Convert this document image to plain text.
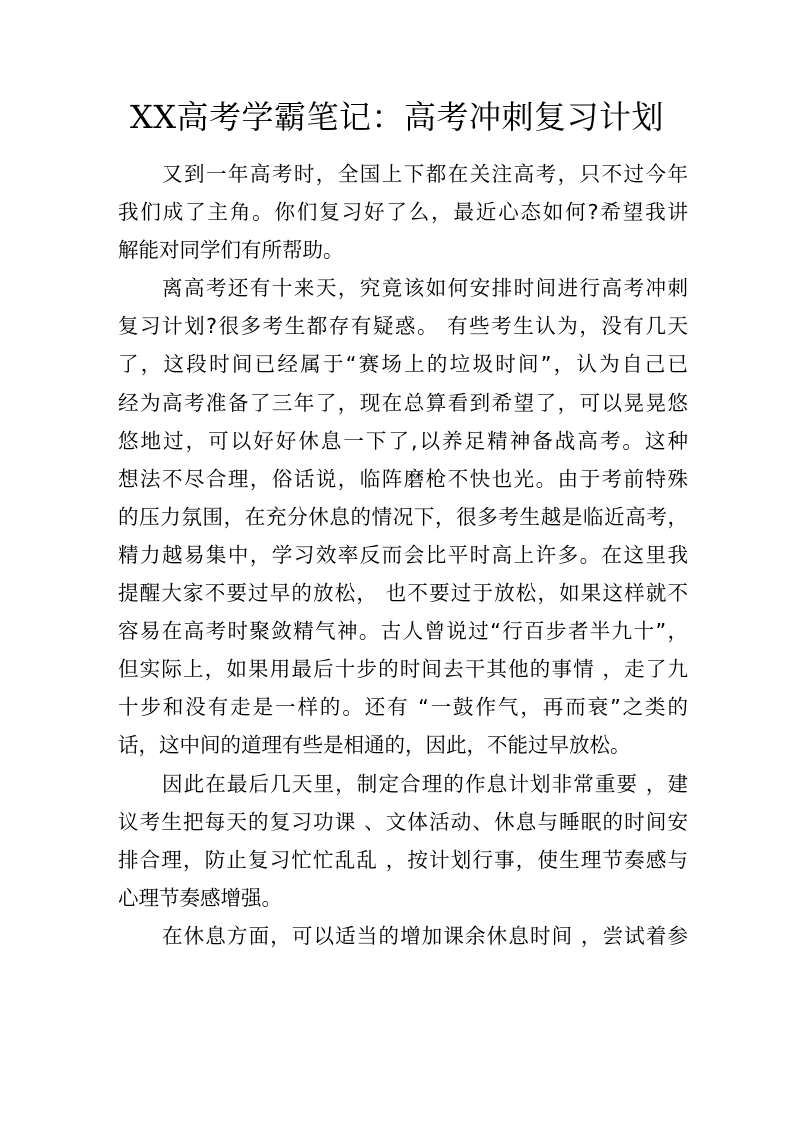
XX高考学霸笔记：高考冲刺复习计划

又到一年高考时，全国上下都在关注高考，只不过今年
我们成了主角。你们复习好了么，最近心态如何?希望我讲
解能对同学们有所帮助。

离高考还有十来天，究竟该如何安排时间进行高考冲刺
复习计划?很多考生都存有疑惑。 有些考生认为，没有几天
了，这段时间已经属于“赛场上的垃圾时间”，认为自己已
经为高考准备了三年了，现在总算看到希望了，可以晃晃悠
悠地过，可以好好休息一下了,以养足精神备战高考。这种
想法不尽合理，俗话说，临阵磨枪不快也光。由于考前特殊
的压力氛围，在充分休息的情况下，很多考生越是临近高考，
精力越易集中，学习效率反而会比平时高上许多。在这里我
提醒大家不要过早的放松， 也不要过于放松，如果这样就不
容易在高考时聚敛精气神。古人曾说过“行百步者半九十”，
但实际上，如果用最后十步的时间去干其他的事情 ，走了九
十步和没有走是一样的。还有 “一鼓作气，再而衰”之类的
话，这中间的道理有些是相通的，因此，不能过早放松。

因此在最后几天里，制定合理的作息计划非常重要 ，建
议考生把每天的复习功课 、文体活动、休息与睡眠的时间安
排合理，防止复习忙忙乱乱 ，按计划行事，使生理节奏感与
心理节奏感增强。

在休息方面，可以适当的增加课余休息时间 ，尝试着参
